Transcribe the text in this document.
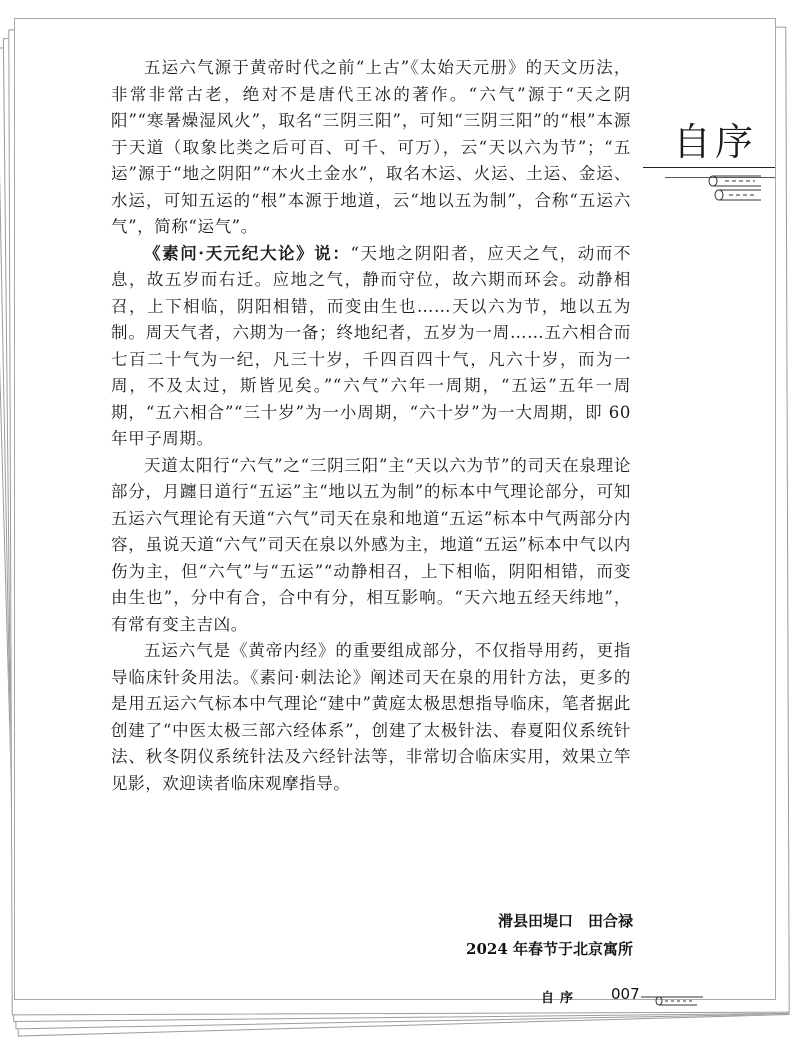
自序

五运六气源于黄帝时代之前“上古”《太始天元册》的天文历法，非常非常古老，绝对不是唐代王冰的著作。“六气”源于“天之阴阳”“寒暑燥湿风火”，取名“三阴三阳”，可知“三阴三阳”的“根”本源于天道（取象比类之后可百、可千、可万），云“天以六为节”；“五运”源于“地之阴阳”“木火土金水”，取名木运、火运、土运、金运、水运，可知五运的“根”本源于地道，云“地以五为制”，合称“五运六气”，简称“运气”。

《素问·天元纪大论》说：“天地之阴阳者，应天之气，动而不息，故五岁而右迁。应地之气，静而守位，故六期而环会。动静相召，上下相临，阴阳相错，而变由生也……天以六为节，地以五为制。周天气者，六期为一备；终地纪者，五岁为一周……五六相合而七百二十气为一纪，凡三十岁，千四百四十气，凡六十岁，而为一周，不及太过，斯皆见矣。”“六气”六年一周期，“五运”五年一周期，“五六相合”“三十岁”为一小周期，“六十岁”为一大周期，即 60 年甲子周期。

天道太阳行“六气”之“三阴三阳”主“天以六为节”的司天在泉理论部分，月躔日道行“五运”主“地以五为制”的标本中气理论部分，可知五运六气理论有天道“六气”司天在泉和地道“五运”标本中气两部分内容，虽说天道“六气”司天在泉以外感为主，地道“五运”标本中气以内伤为主，但“六气”与“五运”“动静相召，上下相临，阴阳相错，而变由生也”，分中有合，合中有分，相互影响。“天六地五经天纬地”，有常有变主吉凶。

五运六气是《黄帝内经》的重要组成部分，不仅指导用药，更指导临床针灸用法。《素问·刺法论》阐述司天在泉的用针方法，更多的是用五运六气标本中气理论“建中”黄庭太极思想指导临床，笔者据此创建了“中医太极三部六经体系”，创建了太极针法、春夏阳仪系统针法、秋冬阴仪系统针法及六经针法等，非常切合临床实用，效果立竿见影，欢迎读者临床观摩指导。

滑县田堤口　田合禄
2024 年春节于北京寓所
自序 007
